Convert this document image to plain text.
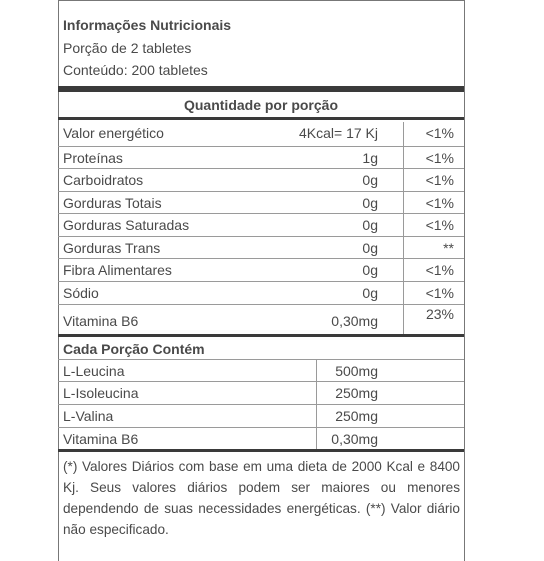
Informações Nutricionais
Porção de 2 tabletes
Conteúdo: 200 tabletes
Quantidade por porção
Valor energético	4Kcal= 17 Kj	<1%
Proteínas	1g	<1%
Carboidratos	0g	<1%
Gorduras Totais	0g	<1%
Gorduras Saturadas	0g	<1%
Gorduras Trans	0g	**
Fibra Alimentares	0g	<1%
Sódio	0g	<1%
Vitamina B6	0,30mg	23%
Cada Porção Contém
L-Leucina	500mg
L-Isoleucina	250mg
L-Valina	250mg
Vitamina B6	0,30mg
(*) Valores Diários com base em uma dieta de 2000 Kcal e 8400 Kj. Seus valores diários podem ser maiores ou menores dependendo de suas necessidades energéticas. (**) Valor diário não especificado.
